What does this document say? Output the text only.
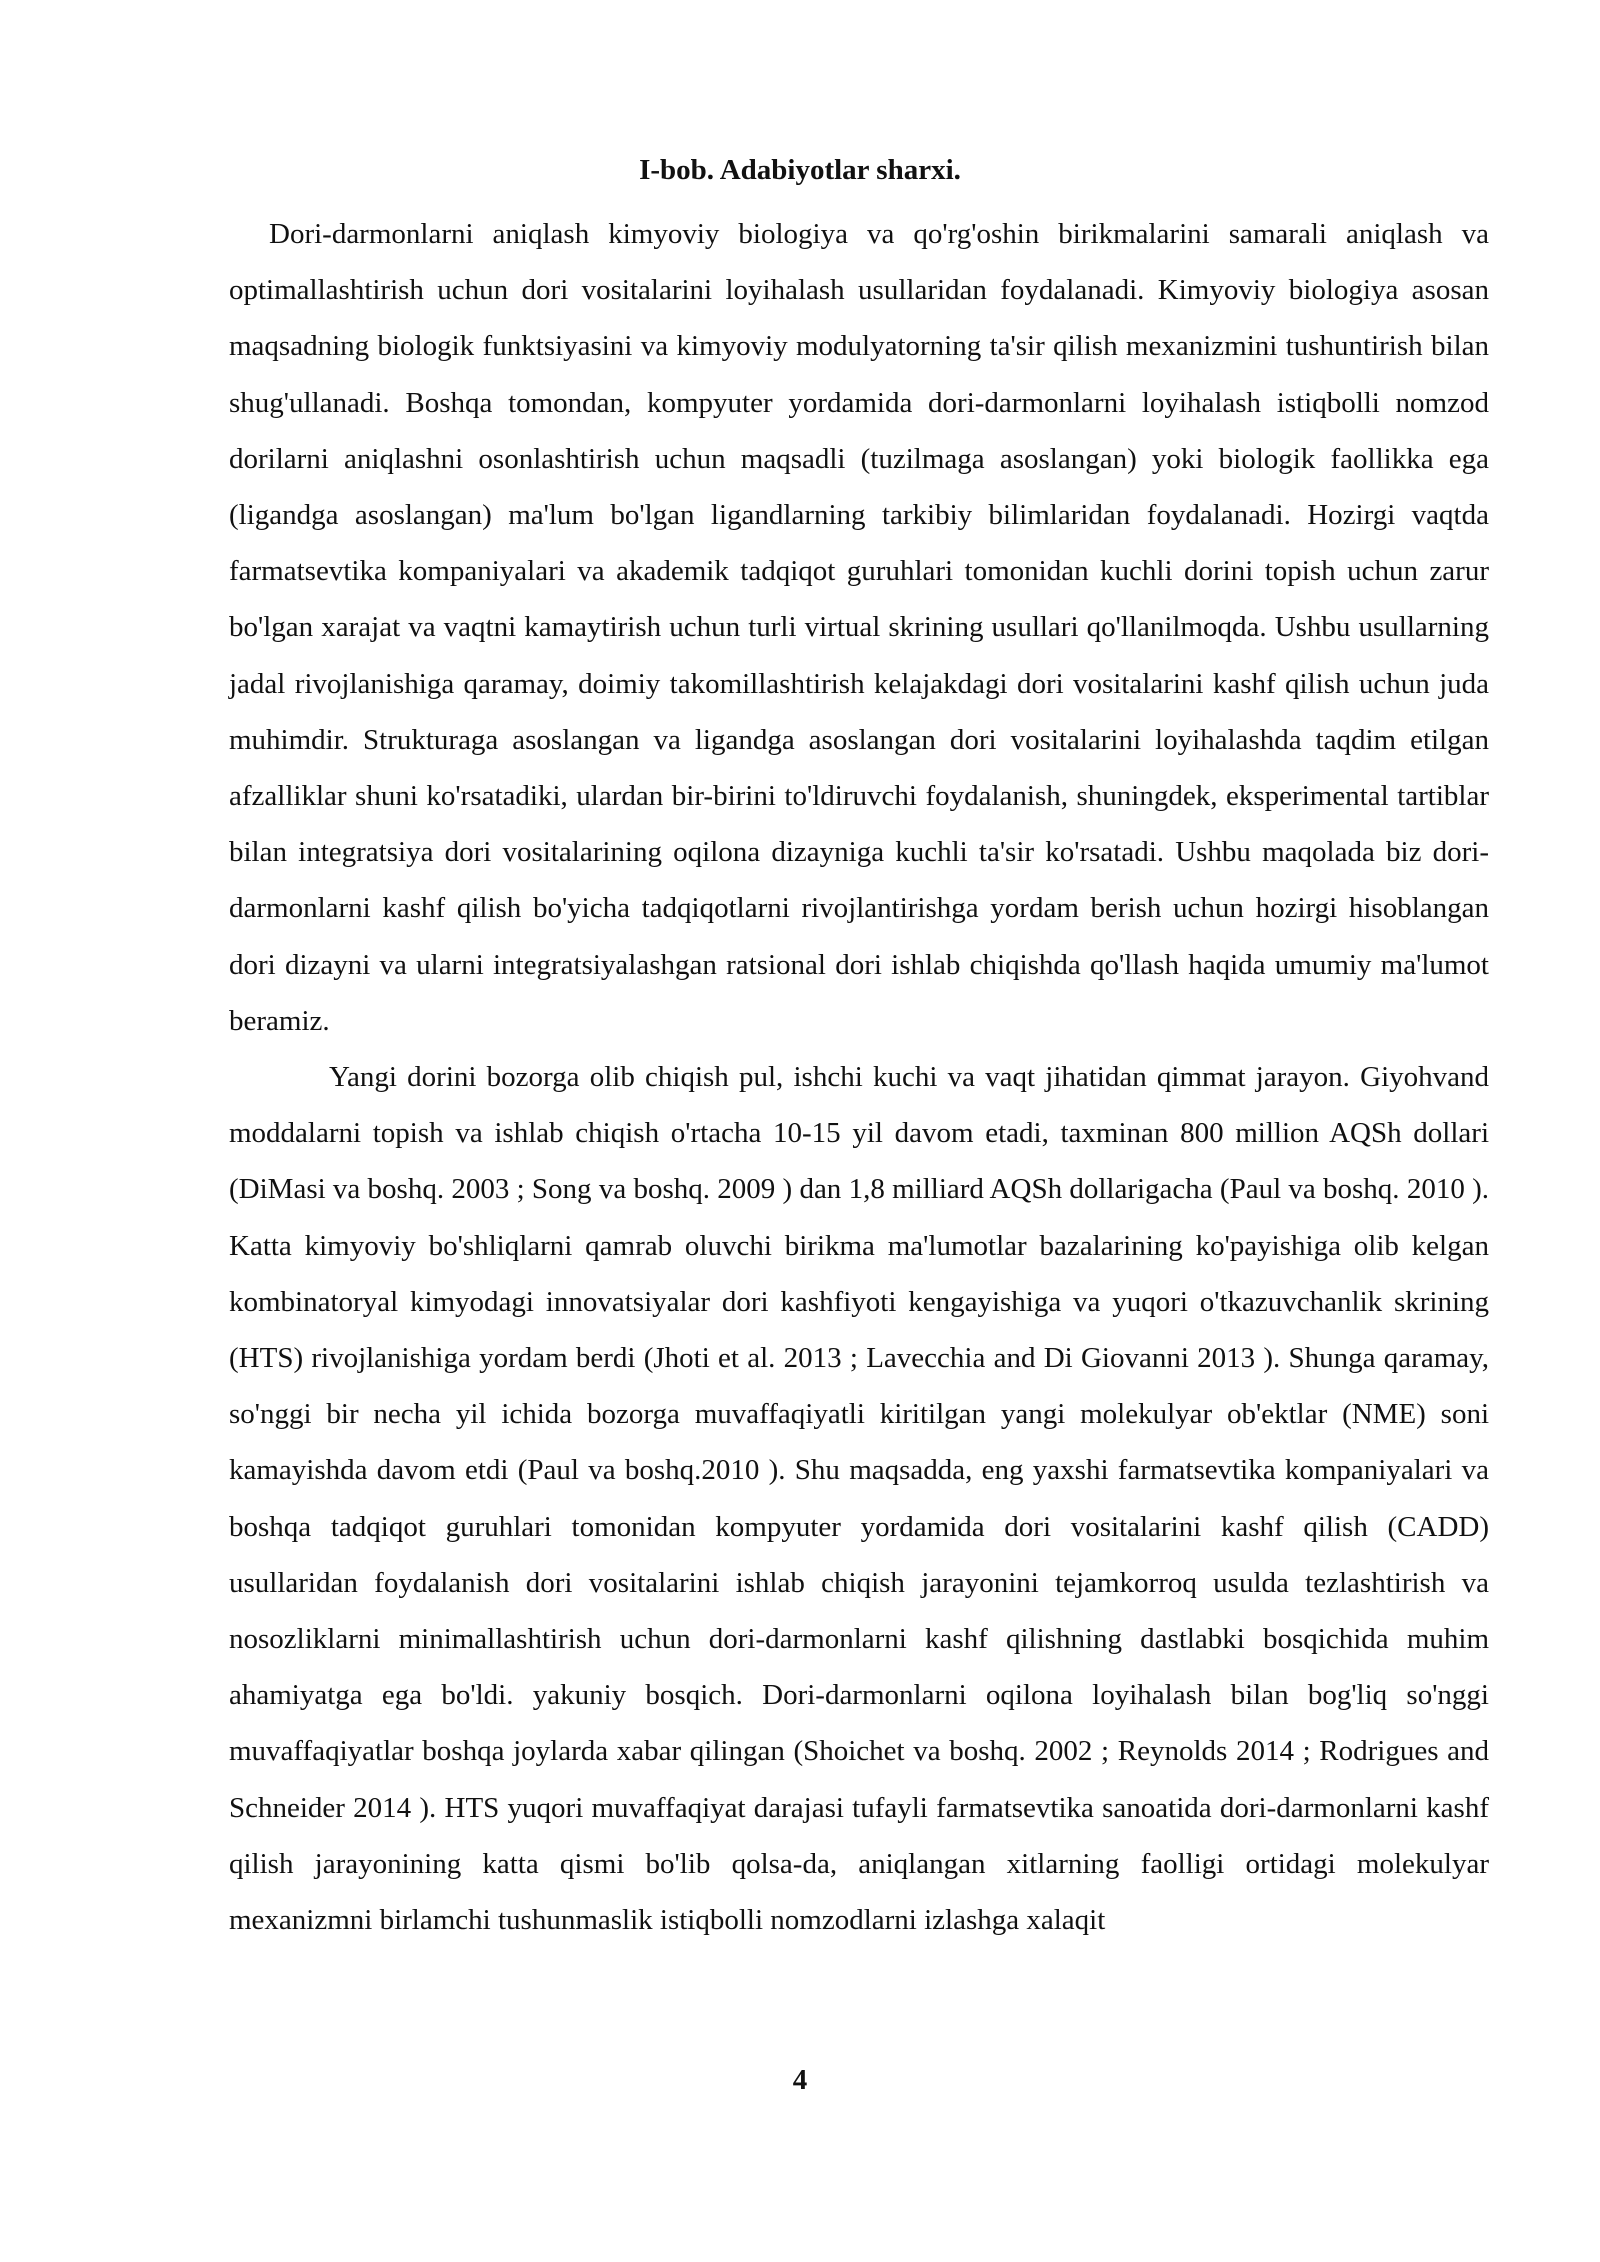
I-bob. Adabiyotlar sharxi.

Dori-darmonlarni aniqlash kimyoviy biologiya va qo'rg'oshin birikmalarini samarali aniqlash va optimallashtirish uchun dori vositalarini loyihalash usullaridan foydalanadi. Kimyoviy biologiya asosan maqsadning biologik funktsiyasini va kimyoviy modulyatorning ta'sir qilish mexanizmini tushuntirish bilan shug'ullanadi. Boshqa tomondan, kompyuter yordamida dori-darmonlarni loyihalash istiqbolli nomzod dorilarni aniqlashni osonlashtirish uchun maqsadli (tuzilmaga asoslangan) yoki biologik faollikka ega (ligandga asoslangan) ma'lum bo'lgan ligandlarning tarkibiy bilimlaridan foydalanadi. Hozirgi vaqtda farmatsevtika kompaniyalari va akademik tadqiqot guruhlari tomonidan kuchli dorini topish uchun zarur bo'lgan xarajat va vaqtni kamaytirish uchun turli virtual skrining usullari qo'llanilmoqda. Ushbu usullarning jadal rivojlanishiga qaramay, doimiy takomillashtirish kelajakdagi dori vositalarini kashf qilish uchun juda muhimdir. Strukturaga asoslangan va ligandga asoslangan dori vositalarini loyihalashda taqdim etilgan afzalliklar shuni ko'rsatadiki, ulardan bir-birini to'ldiruvchi foydalanish, shuningdek, eksperimental tartiblar bilan integratsiya dori vositalarining oqilona dizayniga kuchli ta'sir ko'rsatadi. Ushbu maqolada biz dori-darmonlarni kashf qilish bo'yicha tadqiqotlarni rivojlantirishga yordam berish uchun hozirgi hisoblangan dori dizayni va ularni integratsiyalashgan ratsional dori ishlab chiqishda qo'llash haqida umumiy ma'lumot beramiz.

Yangi dorini bozorga olib chiqish pul, ishchi kuchi va vaqt jihatidan qimmat jarayon. Giyohvand moddalarni topish va ishlab chiqish o'rtacha 10-15 yil davom etadi, taxminan 800 million AQSh dollari (DiMasi va boshq. 2003 ; Song va boshq. 2009 ) dan 1,8 milliard AQSh dollarigacha (Paul va boshq. 2010 ). Katta kimyoviy bo'shliqlarni qamrab oluvchi birikma ma'lumotlar bazalarining ko'payishiga olib kelgan kombinatoryal kimyodagi innovatsiyalar dori kashfiyoti kengayishiga va yuqori o'tkazuvchanlik skrining (HTS) rivojlanishiga yordam berdi (Jhoti et al. 2013 ; Lavecchia and Di Giovanni 2013 ). Shunga qaramay, so'nggi bir necha yil ichida bozorga muvaffaqiyatli kiritilgan yangi molekulyar ob'ektlar (NME) soni kamayishda davom etdi (Paul va boshq.2010 ). Shu maqsadda, eng yaxshi farmatsevtika kompaniyalari va boshqa tadqiqot guruhlari tomonidan kompyuter yordamida dori vositalarini kashf qilish (CADD) usullaridan foydalanish dori vositalarini ishlab chiqish jarayonini tejamkorroq usulda tezlashtirish va nosozliklarni minimallashtirish uchun dori-darmonlarni kashf qilishning dastlabki bosqichida muhim ahamiyatga ega bo'ldi. yakuniy bosqich. Dori-darmonlarni oqilona loyihalash bilan bog'liq so'nggi muvaffaqiyatlar boshqa joylarda xabar qilingan (Shoichet va boshq. 2002 ; Reynolds 2014 ; Rodrigues and Schneider 2014 ). HTS yuqori muvaffaqiyat darajasi tufayli farmatsevtika sanoatida dori-darmonlarni kashf qilish jarayonining katta qismi bo'lib qolsa-da, aniqlangan xitlarning faolligi ortidagi molekulyar mexanizmni birlamchi tushunmaslik istiqbolli nomzodlarni izlashga xalaqit

4
